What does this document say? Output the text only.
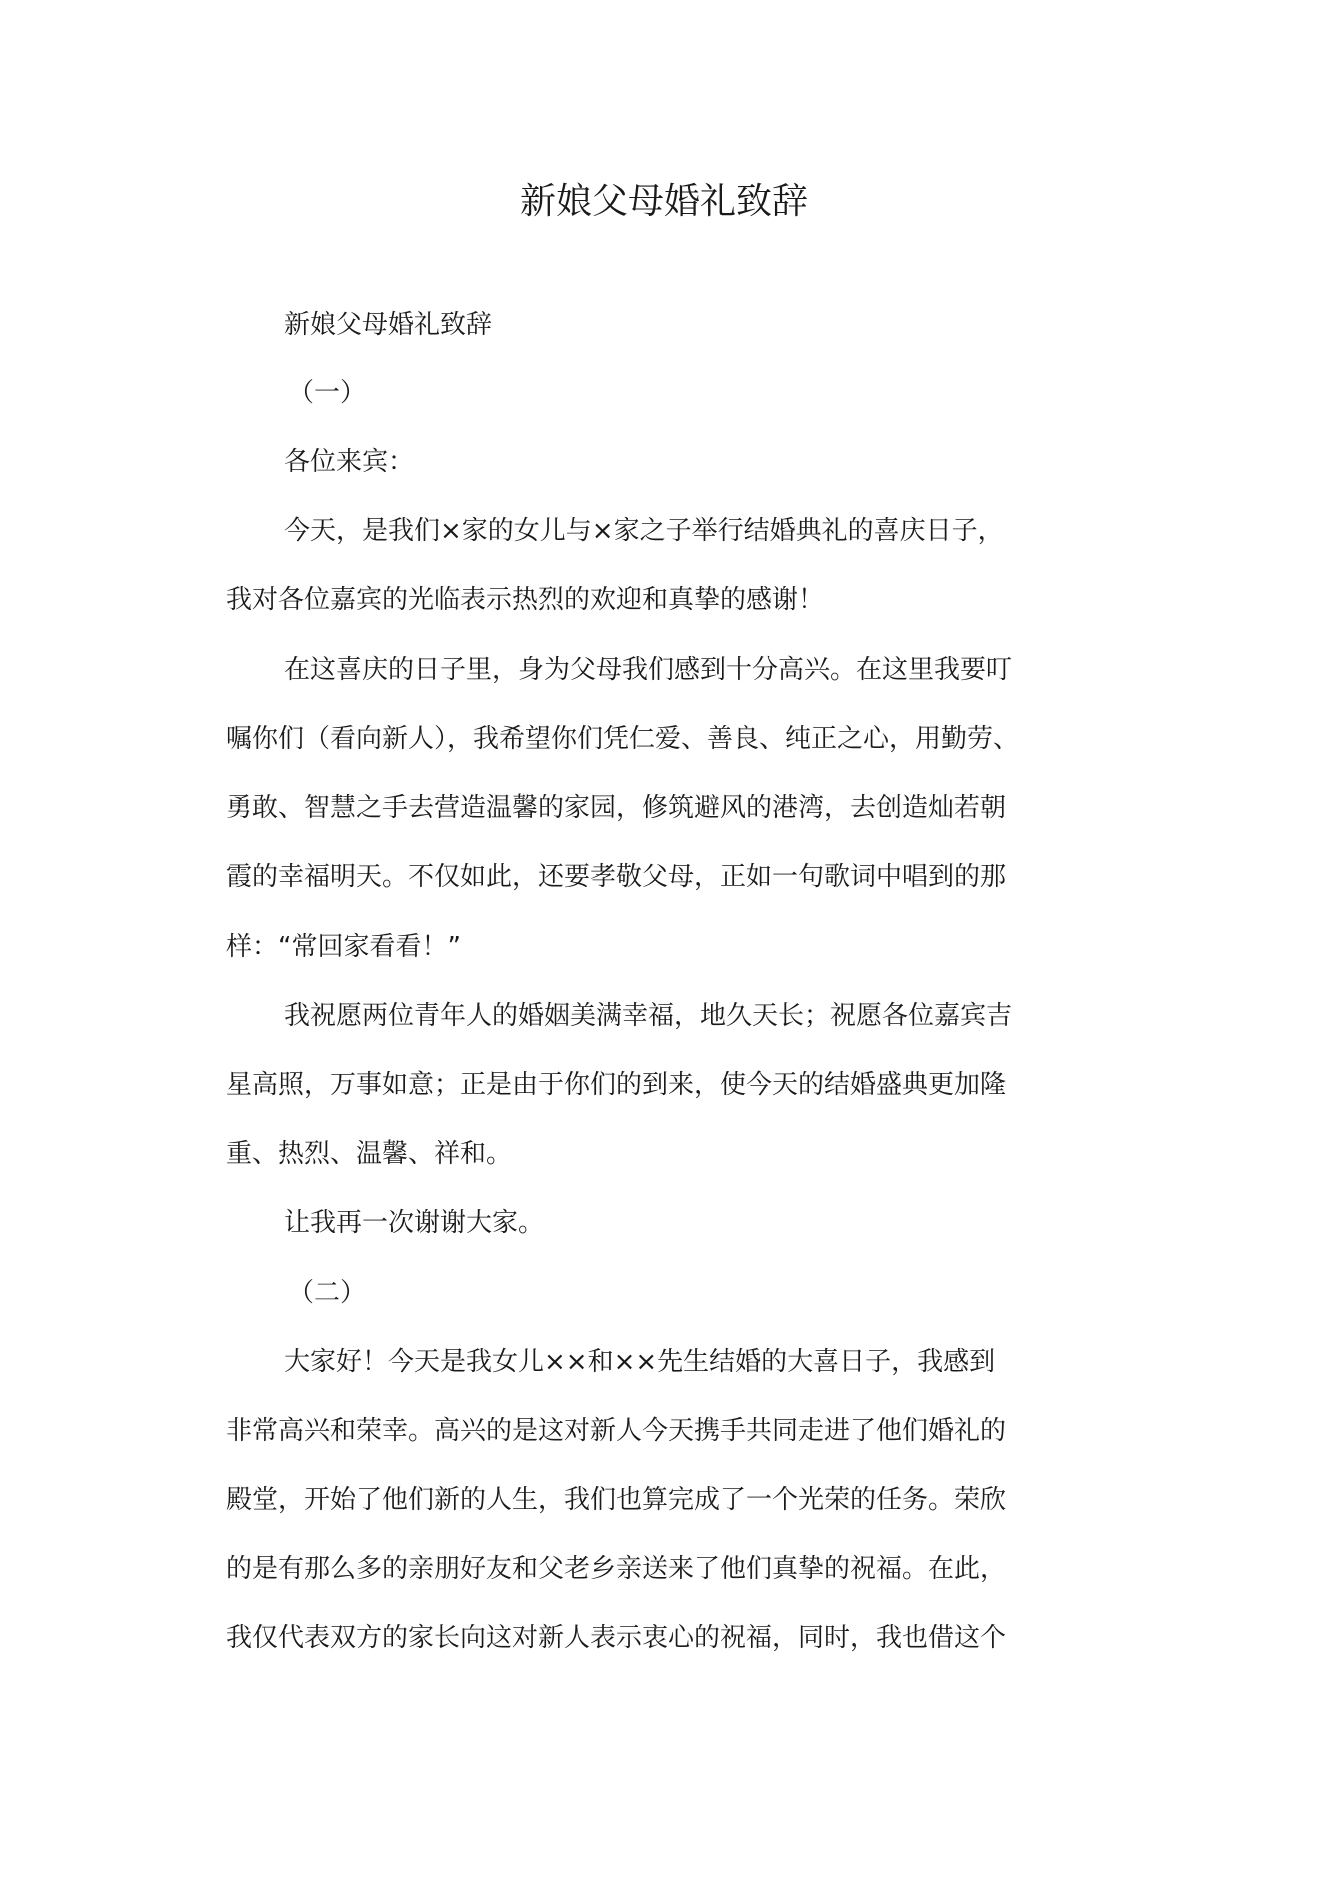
新娘父母婚礼致辞
新娘父母婚礼致辞
（一）
各位来宾：
今天，是我们×家的女儿与×家之子举行结婚典礼的喜庆日子，
我对各位嘉宾的光临表示热烈的欢迎和真挚的感谢！
在这喜庆的日子里，身为父母我们感到十分高兴。在这里我要叮
嘱你们（看向新人），我希望你们凭仁爱、善良、纯正之心，用勤劳、
勇敢、智慧之手去营造温馨的家园，修筑避风的港湾，去创造灿若朝
霞的幸福明天。不仅如此，还要孝敬父母，正如一句歌词中唱到的那
样：“常回家看看！”
我祝愿两位青年人的婚姻美满幸福，地久天长；祝愿各位嘉宾吉
星高照，万事如意；正是由于你们的到来，使今天的结婚盛典更加隆
重、热烈、温馨、祥和。
让我再一次谢谢大家。
（二）
大家好！今天是我女儿××和××先生结婚的大喜日子，我感到
非常高兴和荣幸。高兴的是这对新人今天携手共同走进了他们婚礼的
殿堂，开始了他们新的人生，我们也算完成了一个光荣的任务。荣欣
的是有那么多的亲朋好友和父老乡亲送来了他们真挚的祝福。在此，
我仅代表双方的家长向这对新人表示衷心的祝福，同时，我也借这个
